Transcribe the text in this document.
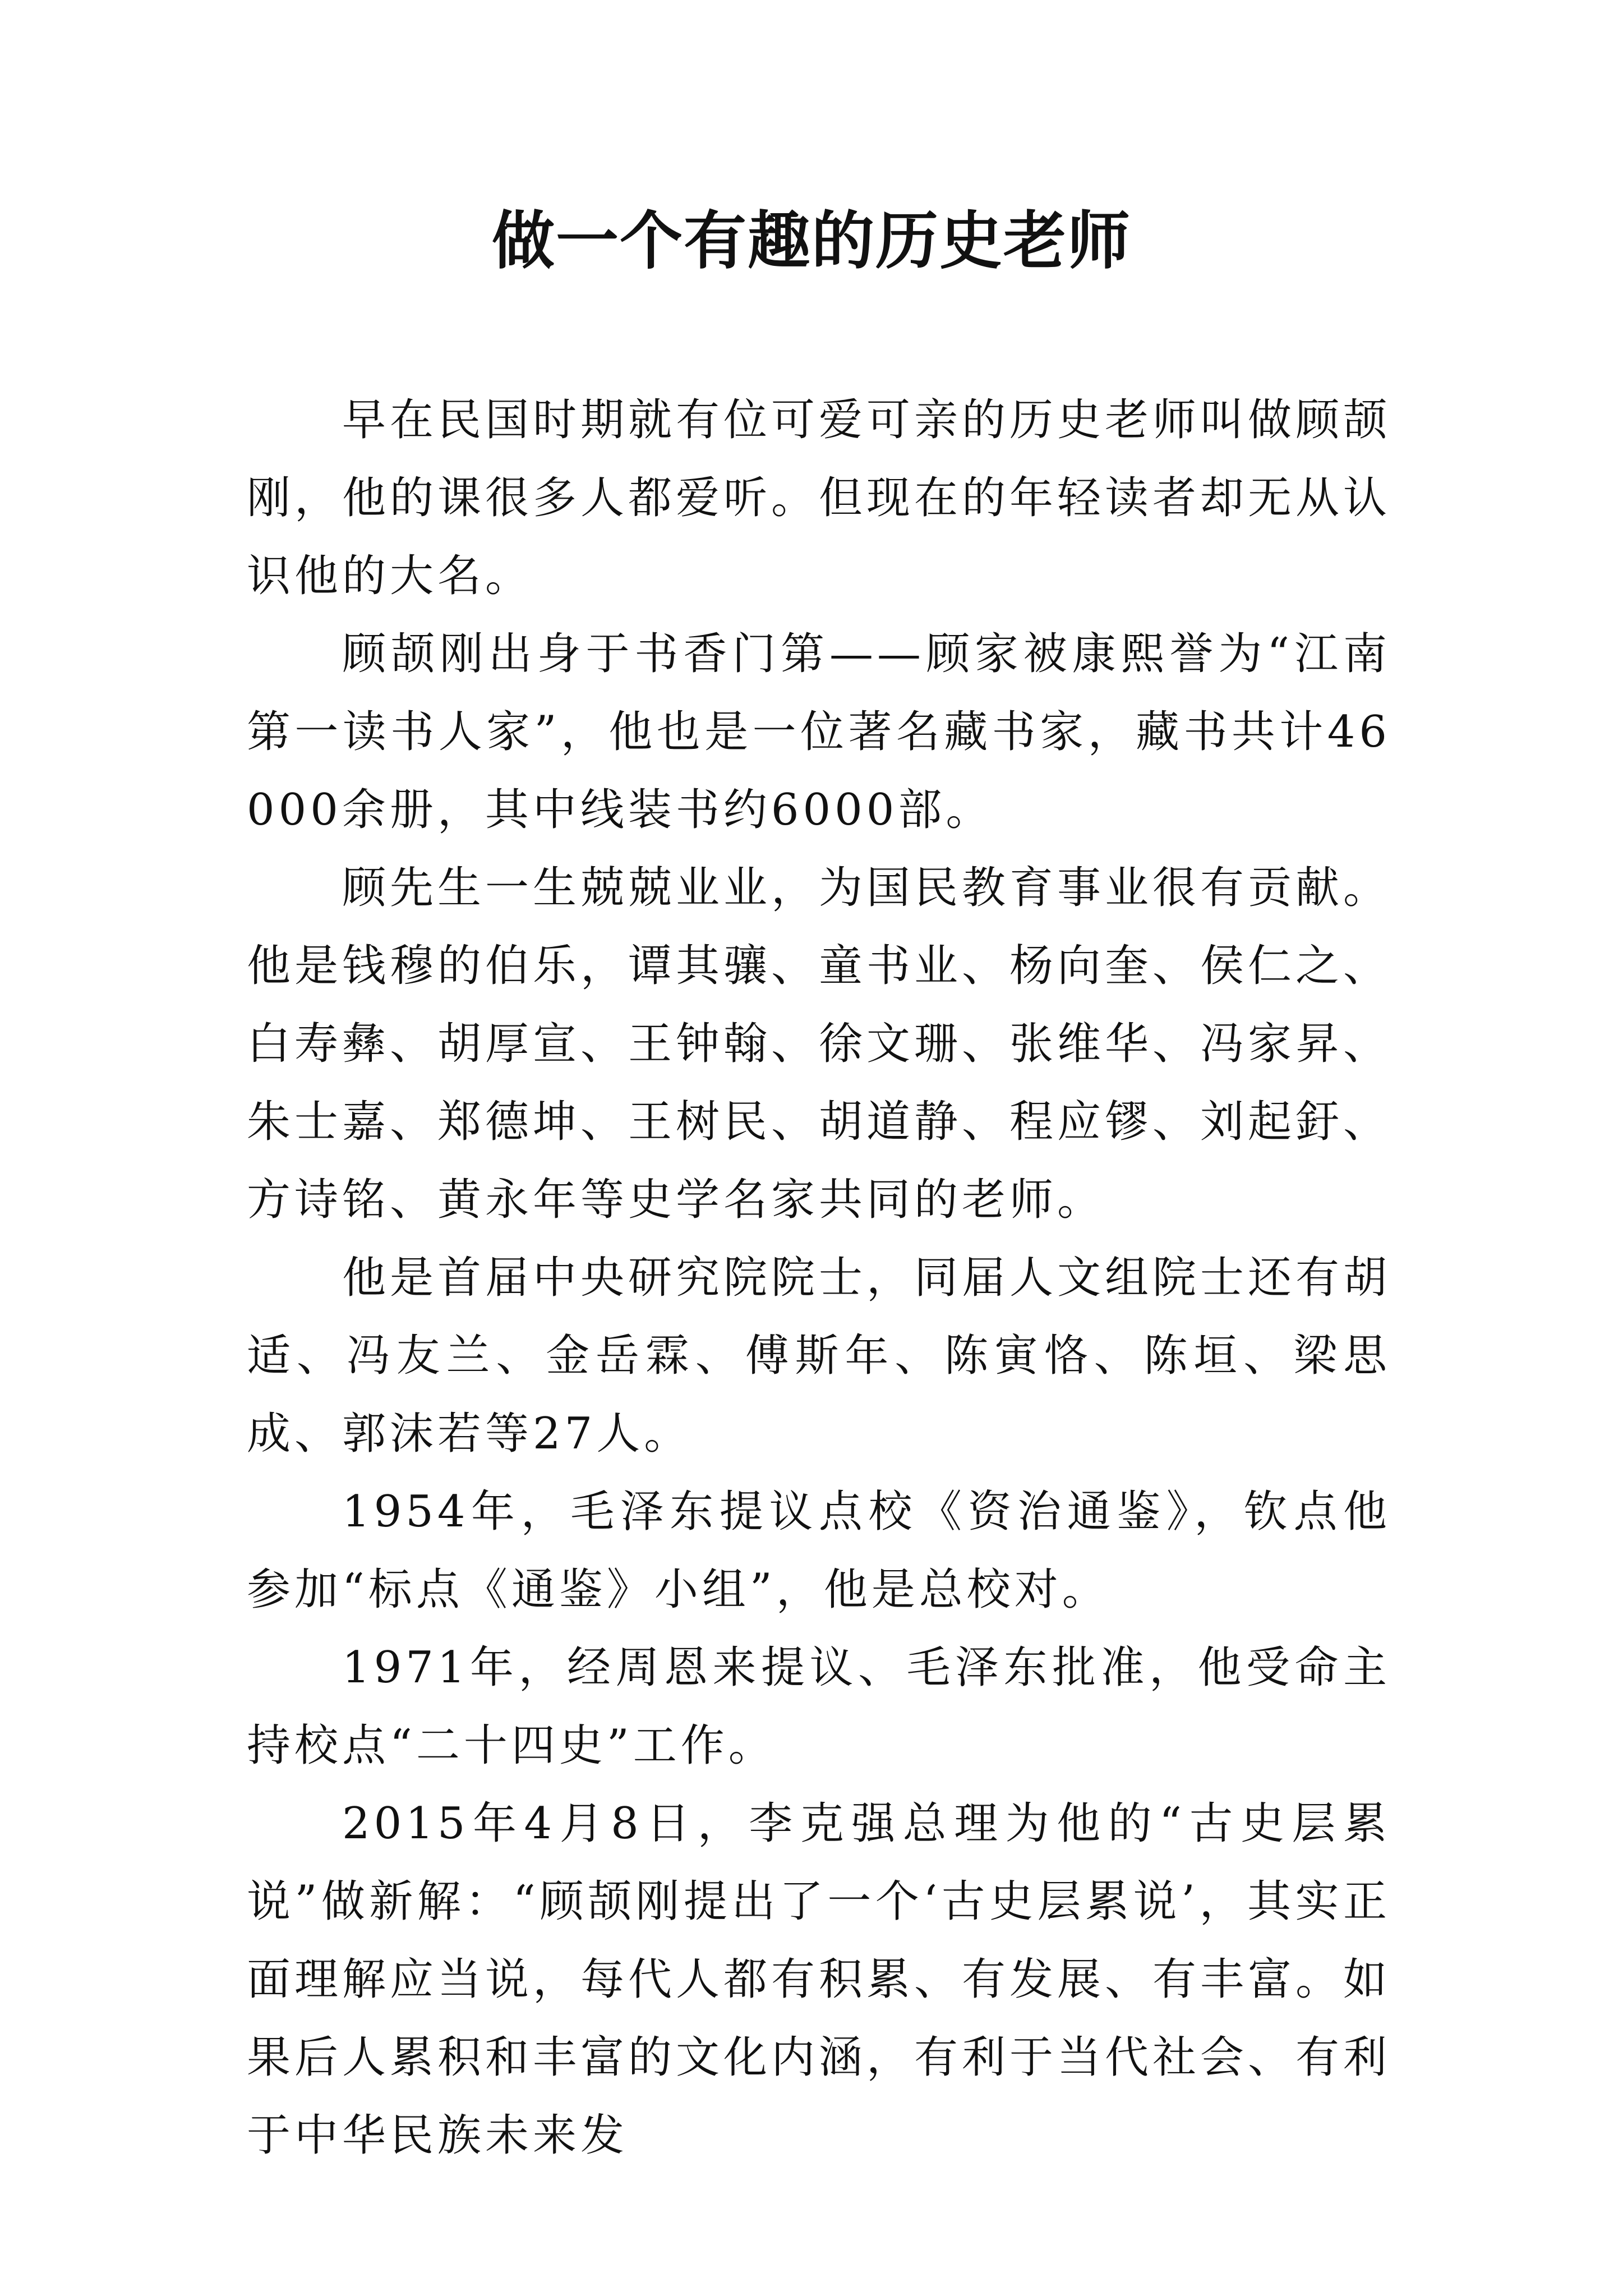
做一个有趣的历史老师

早在民国时期就有位可爱可亲的历史老师叫做顾颉刚，他的课很多人都爱听。但现在的年轻读者却无从认识他的大名。

顾颉刚出身于书香门第——顾家被康熙誉为“江南第一读书人家”，他也是一位著名藏书家，藏书共计46000余册，其中线装书约6000部。

顾先生一生兢兢业业，为国民教育事业很有贡献。他是钱穆的伯乐，谭其骧、童书业、杨向奎、侯仁之、白寿彝、胡厚宣、王钟翰、徐文珊、张维华、冯家昇、朱士嘉、郑德坤、王树民、胡道静、程应镠、刘起釪、方诗铭、黄永年等史学名家共同的老师。

他是首届中央研究院院士，同届人文组院士还有胡适、冯友兰、金岳霖、傅斯年、陈寅恪、陈垣、梁思成、郭沫若等27人。

1954年，毛泽东提议点校《资治通鉴》，钦点他参加“标点《通鉴》小组”，他是总校对。

1971年，经周恩来提议、毛泽东批准，他受命主持校点“二十四史”工作。

2015年4月8日，李克强总理为他的“古史层累说”做新解：“顾颉刚提出了一个‘古史层累说’，其实正面理解应当说，每代人都有积累、有发展、有丰富。如果后人累积和丰富的文化内涵，有利于当代社会、有利于中华民族未来发
